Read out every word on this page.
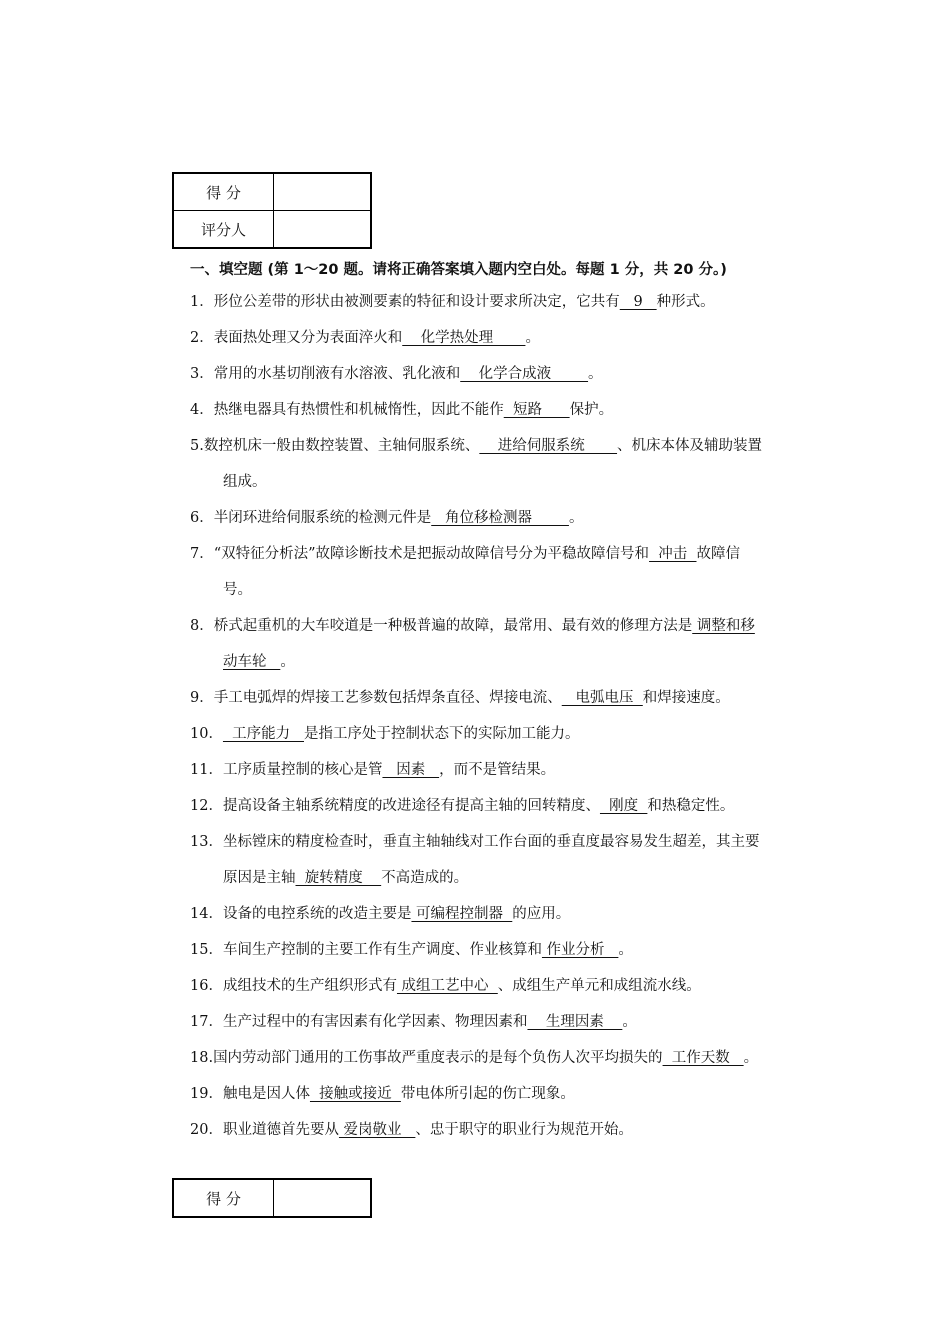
得 分	
评分人	
一、填空题 (第 1～20 题。请将正确答案填入题内空白处。每题 1 分，共 20 分。)
1．形位公差带的形状由被测要素的特征和设计要求所决定，它共有   9   种形式。
2．表面热处理又分为表面淬火和    化学热处理       。
3．常用的水基切削液有水溶液、乳化液和    化学合成液        。
4．热继电器具有热惯性和机械惰性，因此不能作  短路      保护。
5.数控机床一般由数控装置、主轴伺服系统、    进给伺服系统       、机床本体及辅助装置
组成。
6．半闭环进给伺服系统的检测元件是   角位移检测器        。
7．“双特征分析法”故障诊断技术是把振动故障信号分为平稳故障信号和  冲击  故障信
号。
8．桥式起重机的大车咬道是一种极普遍的故障，最常用、最有效的修理方法是 调整和移
动车轮   。
9．手工电弧焊的焊接工艺参数包括焊条直径、焊接电流、   电弧电压  和焊接速度。
10．  工序能力   是指工序处于控制状态下的实际加工能力。
11．工序质量控制的核心是管   因素   ，而不是管结果。
12．提高设备主轴系统精度的改进途径有提高主轴的回转精度、  刚度  和热稳定性。
13．坐标镗床的精度检查时，垂直主轴轴线对工作台面的垂直度最容易发生超差，其主要
原因是主轴  旋转精度    不高造成的。
14．设备的电控系统的改造主要是 可编程控制器  的应用。
15．车间生产控制的主要工作有生产调度、作业核算和 作业分析   。
16．成组技术的生产组织形式有 成组工艺中心  、成组生产单元和成组流水线。
17．生产过程中的有害因素有化学因素、物理因素和    生理因素    。
18.国内劳动部门通用的工伤事故严重度表示的是每个负伤人次平均损失的  工作天数   。
19．触电是因人体  接触或接近  带电体所引起的伤亡现象。
20．职业道德首先要从 爱岗敬业   、忠于职守的职业行为规范开始。
得 分	
